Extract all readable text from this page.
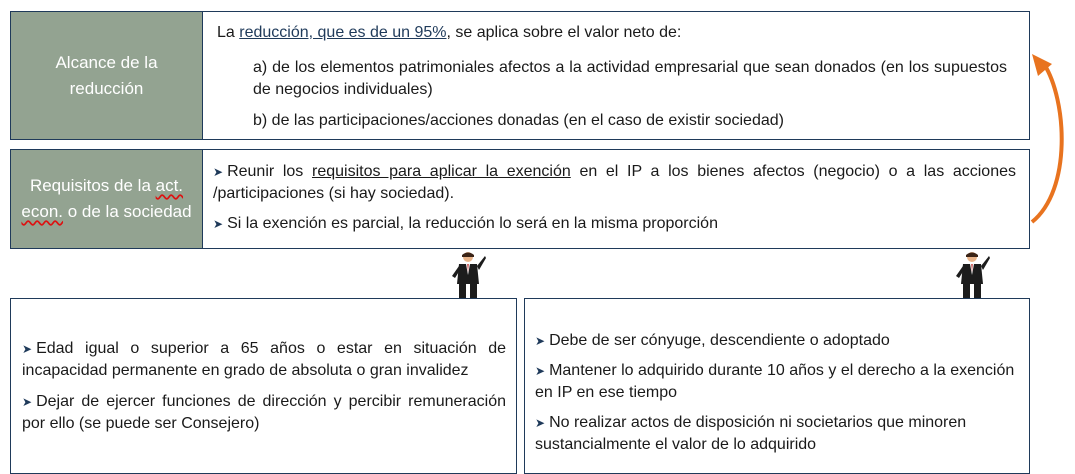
Alcance de la reducción

La reducción, que es de un 95%, se aplica sobre el valor neto de:

a) de los elementos patrimoniales afectos a la actividad empresarial que sean donados (en los supuestos de negocios individuales)

b) de las participaciones/acciones donadas (en el caso de existir sociedad)

Requisitos de la act.
econ. o de la sociedad

➤ Reunir los requisitos para aplicar la exención en el IP a los bienes afectos (negocio) o a las acciones /participaciones (si hay sociedad).

➤ Si la exención es parcial, la reducción lo será en la misma proporción

➤ Edad igual o superior a 65 años o estar en situación de incapacidad permanente en grado de absoluta o gran invalidez

➤ Dejar de ejercer funciones de dirección y percibir remuneración por ello (se puede ser Consejero)

➤ Debe de ser cónyuge, descendiente o adoptado

➤ Mantener lo adquirido durante 10 años y el derecho a la exención en IP en ese tiempo

➤ No realizar actos de disposición ni societarios que minoren sustancialmente el valor de lo adquirido
